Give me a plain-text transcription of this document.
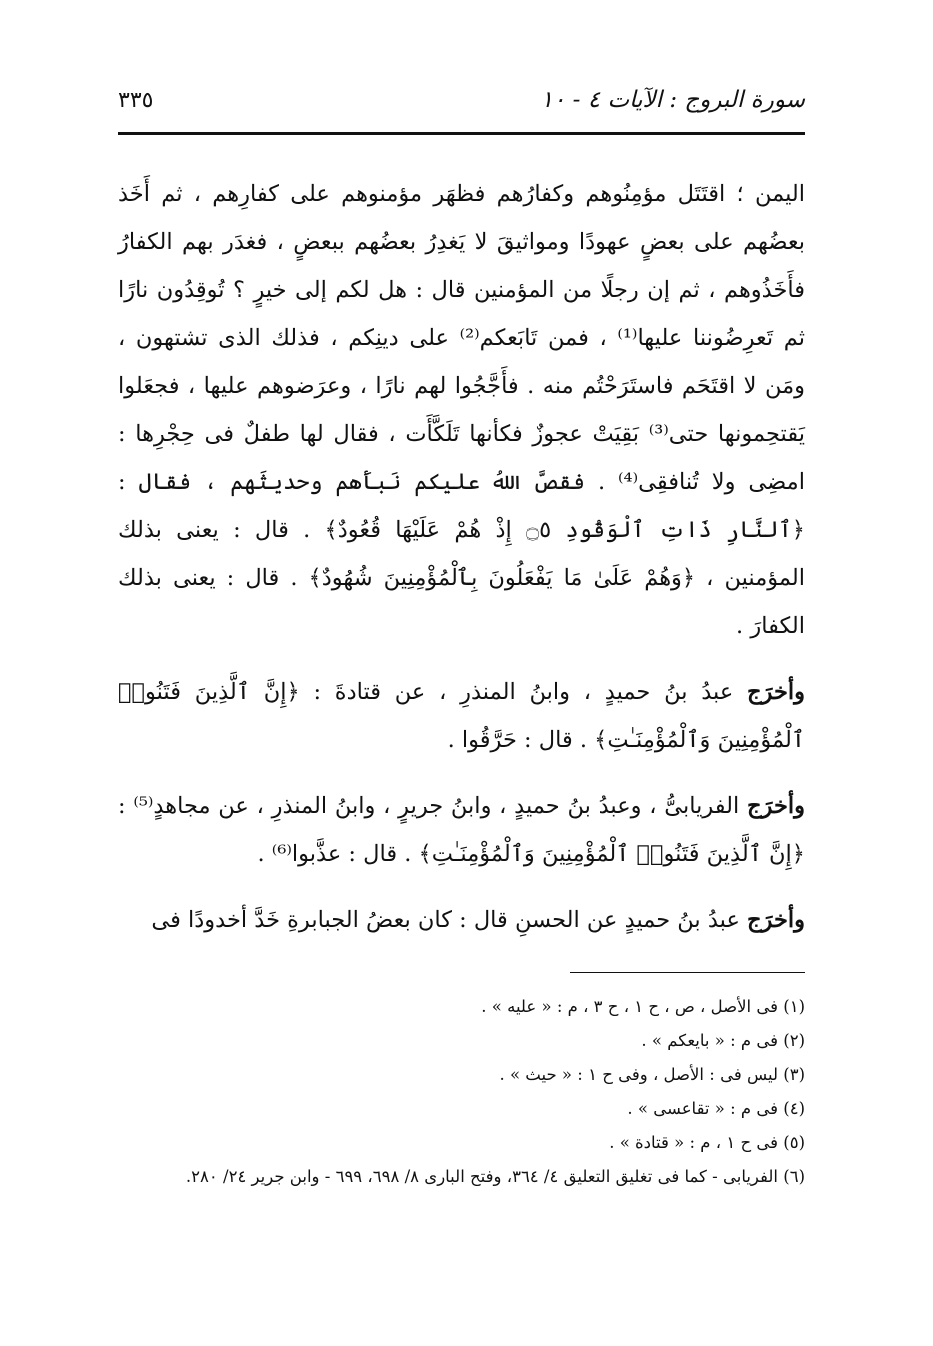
سورة البروج : الآيات ٤ - ١٠
٣٣٥

اليمن ؛ اقتَتَل مؤمِنُوهم وكفارُهم فظهَر مؤمنوهم على كفارِهم ، ثم أَخَذ بعضُهم على بعضٍ عهودًا ومواثيقَ لا يَغدِرُ بعضُهم ببعضٍ ، فغدَر بهم الكفارُ فأَخَذُوهم ، ثم إن رجلًا من المؤمنين قال : هل لكم إلى خيرٍ ؟ تُوقِدُون نارًا ثم تَعرِضُوننا عليها⁽¹⁾ ، فمن تَابَعكم⁽²⁾ على دينِكم ، فذلك الذى تشتهون ، ومَن لا اقتَحَم فاستَرَحْتُم منه . فأَجَّجُوا لهم نارًا ، وعرَضوهم عليها ، فجعَلوا يَقتحِمونها حتى⁽³⁾ بَقِيَتْ عجوزٌ فكأنها تَلَكَّأَت ، فقال لها طفلٌ فى حِجْرِها : امضِى ولا تُنافقِى⁽⁴⁾ . فقصَّ اللهُ عليكم نَبأَهم وحديثَهم ، فقال : ﴿ٱلنَّارِ ذَاتِ ٱلْوَقُودِ ۝٥ إِذْ هُمْ عَلَيْهَا قُعُودٌ﴾ . قال : يعنى بذلك المؤمنين ، ﴿وَهُمْ عَلَىٰ مَا يَفْعَلُونَ بِٱلْمُؤْمِنِينَ شُهُودٌ﴾ . قال : يعنى بذلك الكفارَ .

وأخرَج عبدُ بنُ حميدٍ ، وابنُ المنذرِ ، عن قتادةَ : ﴿إِنَّ ٱلَّذِينَ فَتَنُوا۟ ٱلْمُؤْمِنِينَ وَٱلْمُؤْمِنَـٰتِ﴾ . قال : حَرَّقُوا .

وأخرَج الفريابىُّ ، وعبدُ بنُ حميدٍ ، وابنُ جريرٍ ، وابنُ المنذرِ ، عن مجاهدٍ⁽⁵⁾ : ﴿إِنَّ ٱلَّذِينَ فَتَنُوا۟ ٱلْمُؤْمِنِينَ وَٱلْمُؤْمِنَـٰتِ﴾ . قال : عذَّبوا⁽⁶⁾ .

وأخرَج عبدُ بنُ حميدٍ عن الحسنِ قال : كان بعضُ الجبابرةِ خَدَّ أخدودًا فى

(١) فى الأصل ، ص ، ح ١ ، ح ٣ ، م : « عليه » .

(٢) فى م : « بايعكم » .

(٣) ليس فى : الأصل ، وفى ح ١ : « حيث » .

(٤) فى م : « تقاعسى » .

(٥) فى ح ١ ، م : « قتادة » .

(٦) الفريابى - كما فى تغليق التعليق ٤/ ٣٦٤، وفتح البارى ٨/ ٦٩٨، ٦٩٩ - وابن جرير ٢٤/ ٢٨٠.
